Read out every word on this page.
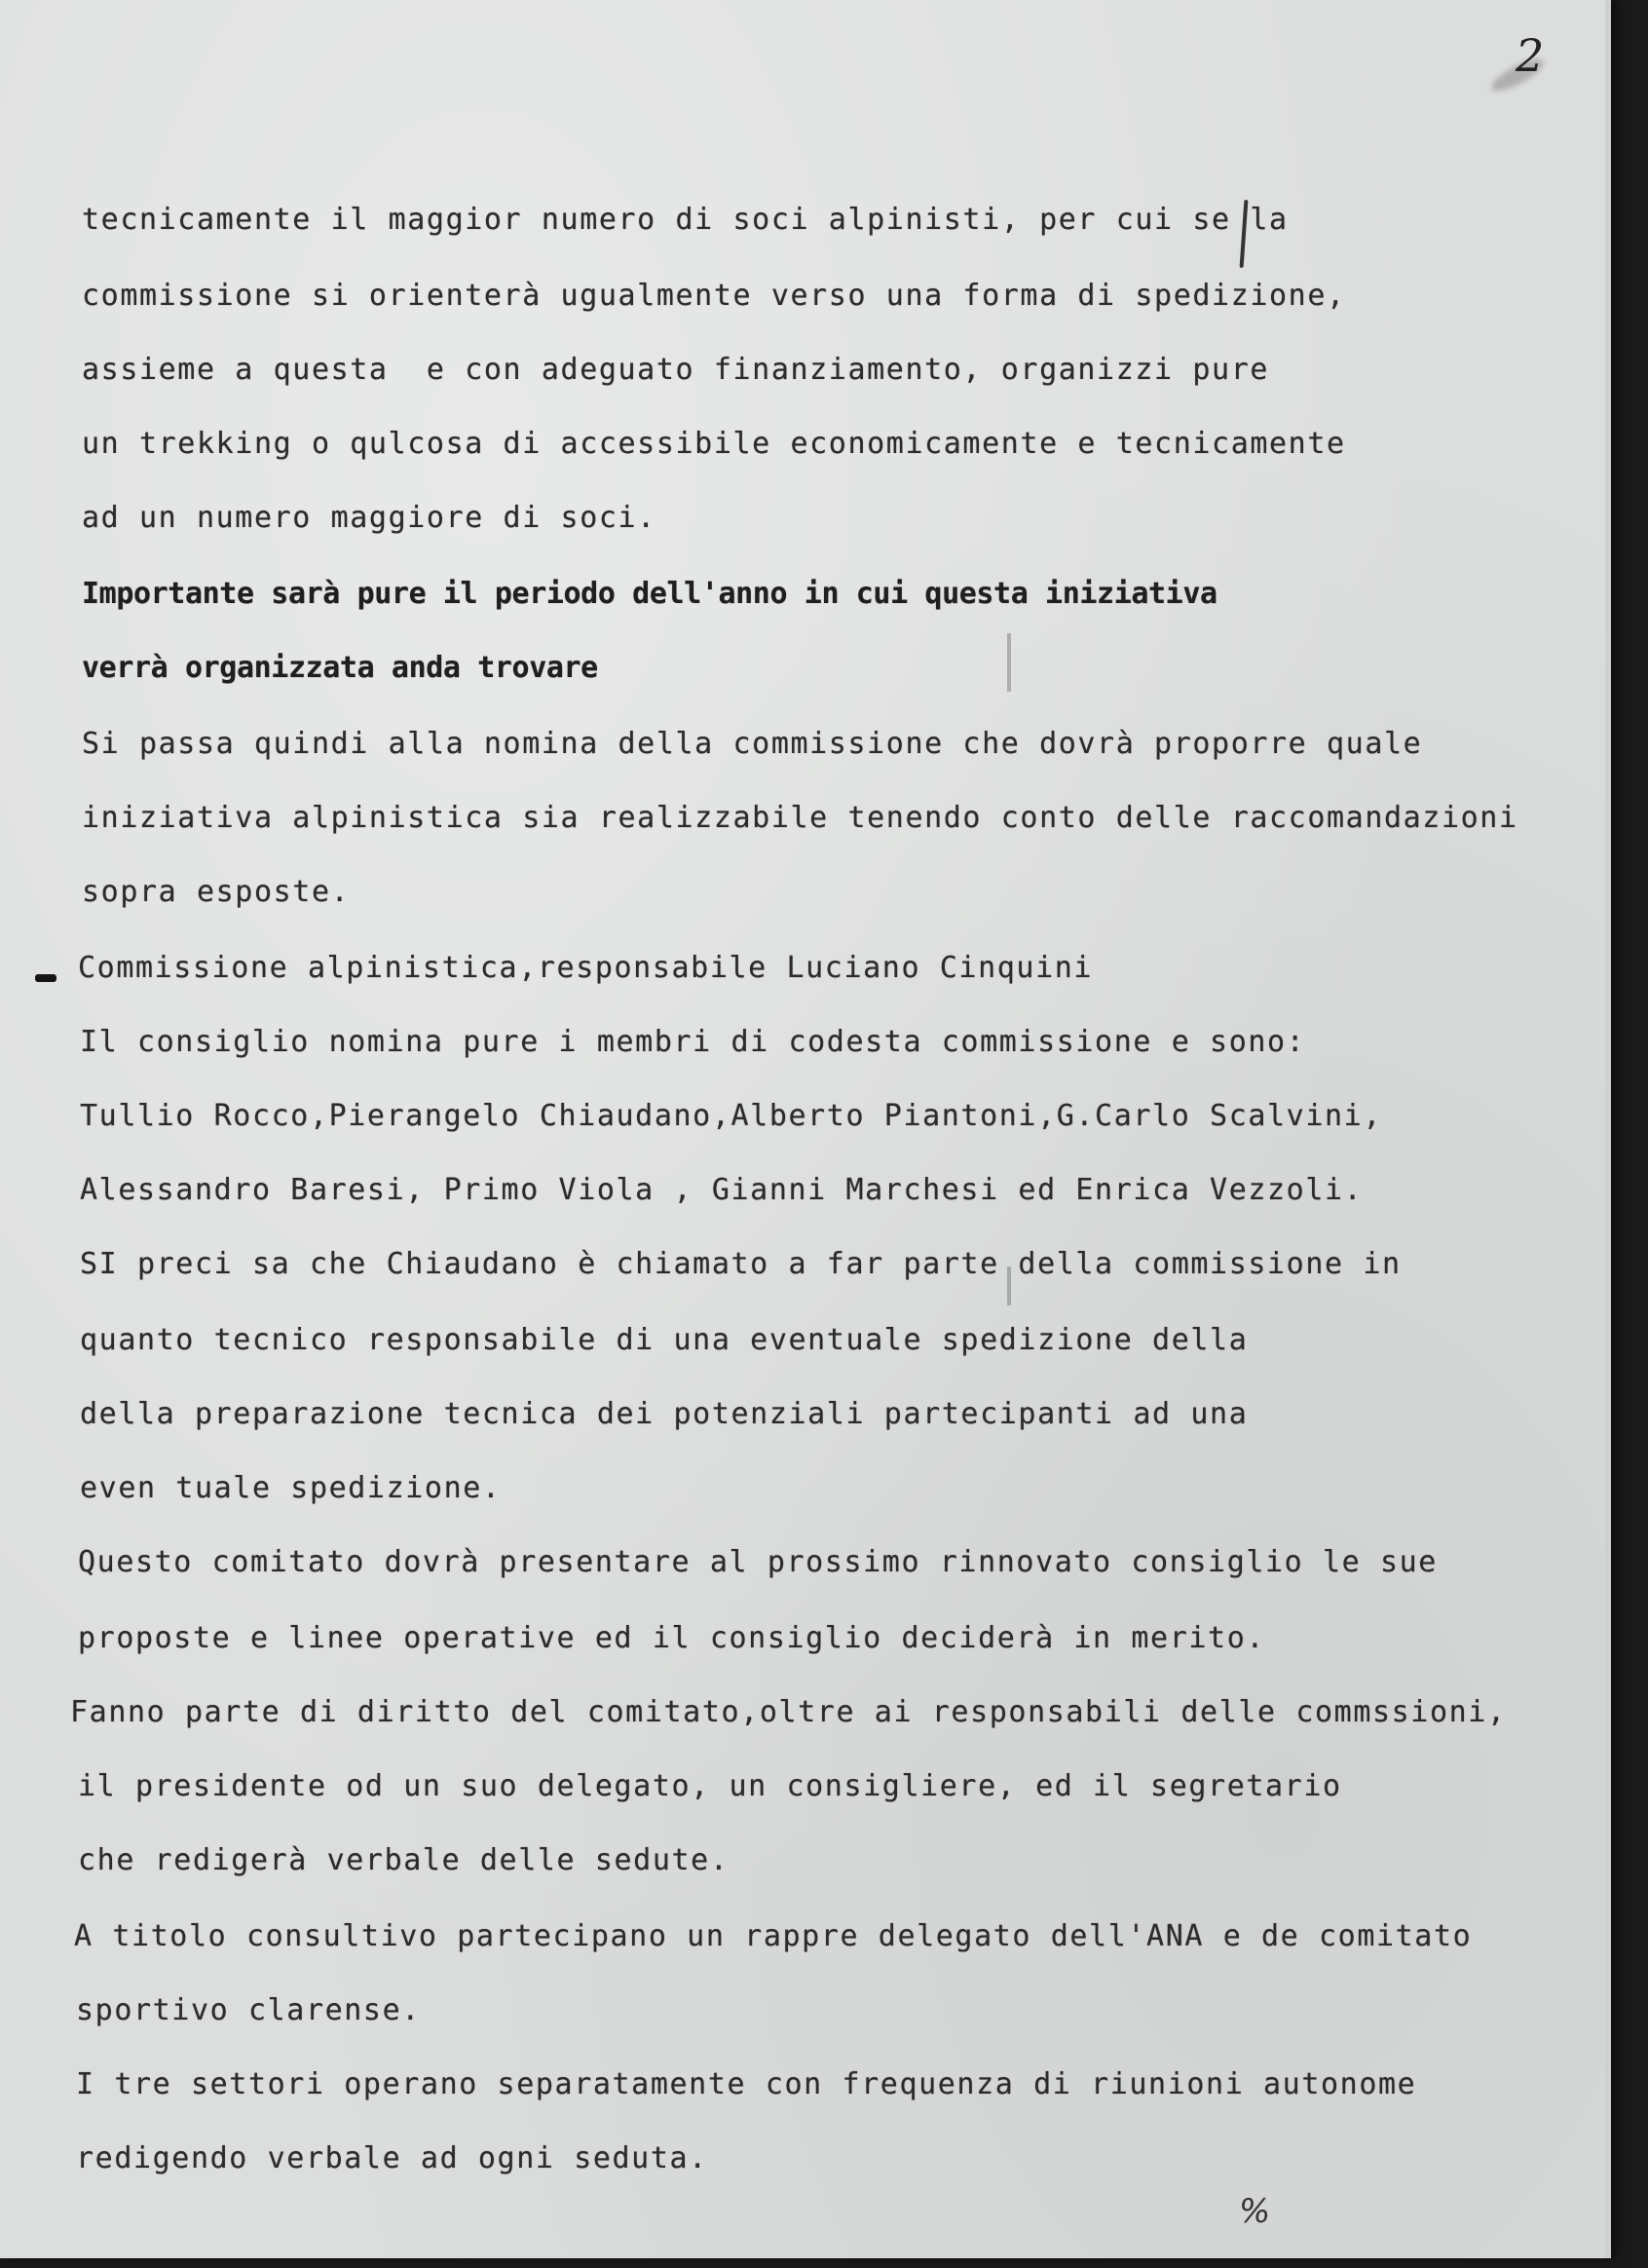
2
tecnicamente il maggior numero di soci alpinisti, per cui se la
commissione si orienterà ugualmente verso una forma di spedizione,
assieme a questa  e con adeguato finanziamento, organizzi pure
un trekking o qulcosa di accessibile economicamente e tecnicamente
ad un numero maggiore di soci.
Importante sarà pure il periodo dell'anno in cui questa iniziativa
verrà organizzata anda trovare
Si passa quindi alla nomina della commissione che dovrà proporre quale
iniziativa alpinistica sia realizzabile tenendo conto delle raccomandazioni
sopra esposte.
Commissione alpinistica,responsabile Luciano Cinquini
Il consiglio nomina pure i membri di codesta commissione e sono:
Tullio Rocco,Pierangelo Chiaudano,Alberto Piantoni,G.Carlo Scalvini,
Alessandro Baresi, Primo Viola , Gianni Marchesi ed Enrica Vezzoli.
SI preci sa che Chiaudano è chiamato a far parte della commissione in
quanto tecnico responsabile di una eventuale spedizione della
della preparazione tecnica dei potenziali partecipanti ad una
even tuale spedizione.
Questo comitato dovrà presentare al prossimo rinnovato consiglio le sue
proposte e linee operative ed il consiglio deciderà in merito.
Fanno parte di diritto del comitato,oltre ai responsabili delle commssioni,
il presidente od un suo delegato, un consigliere, ed il segretario
che redigerà verbale delle sedute.
A titolo consultivo partecipano un rappre delegato dell'ANA e de comitato
sportivo clarense.
I tre settori operano separatamente con frequenza di riunioni autonome
redigendo verbale ad ogni seduta.
%
